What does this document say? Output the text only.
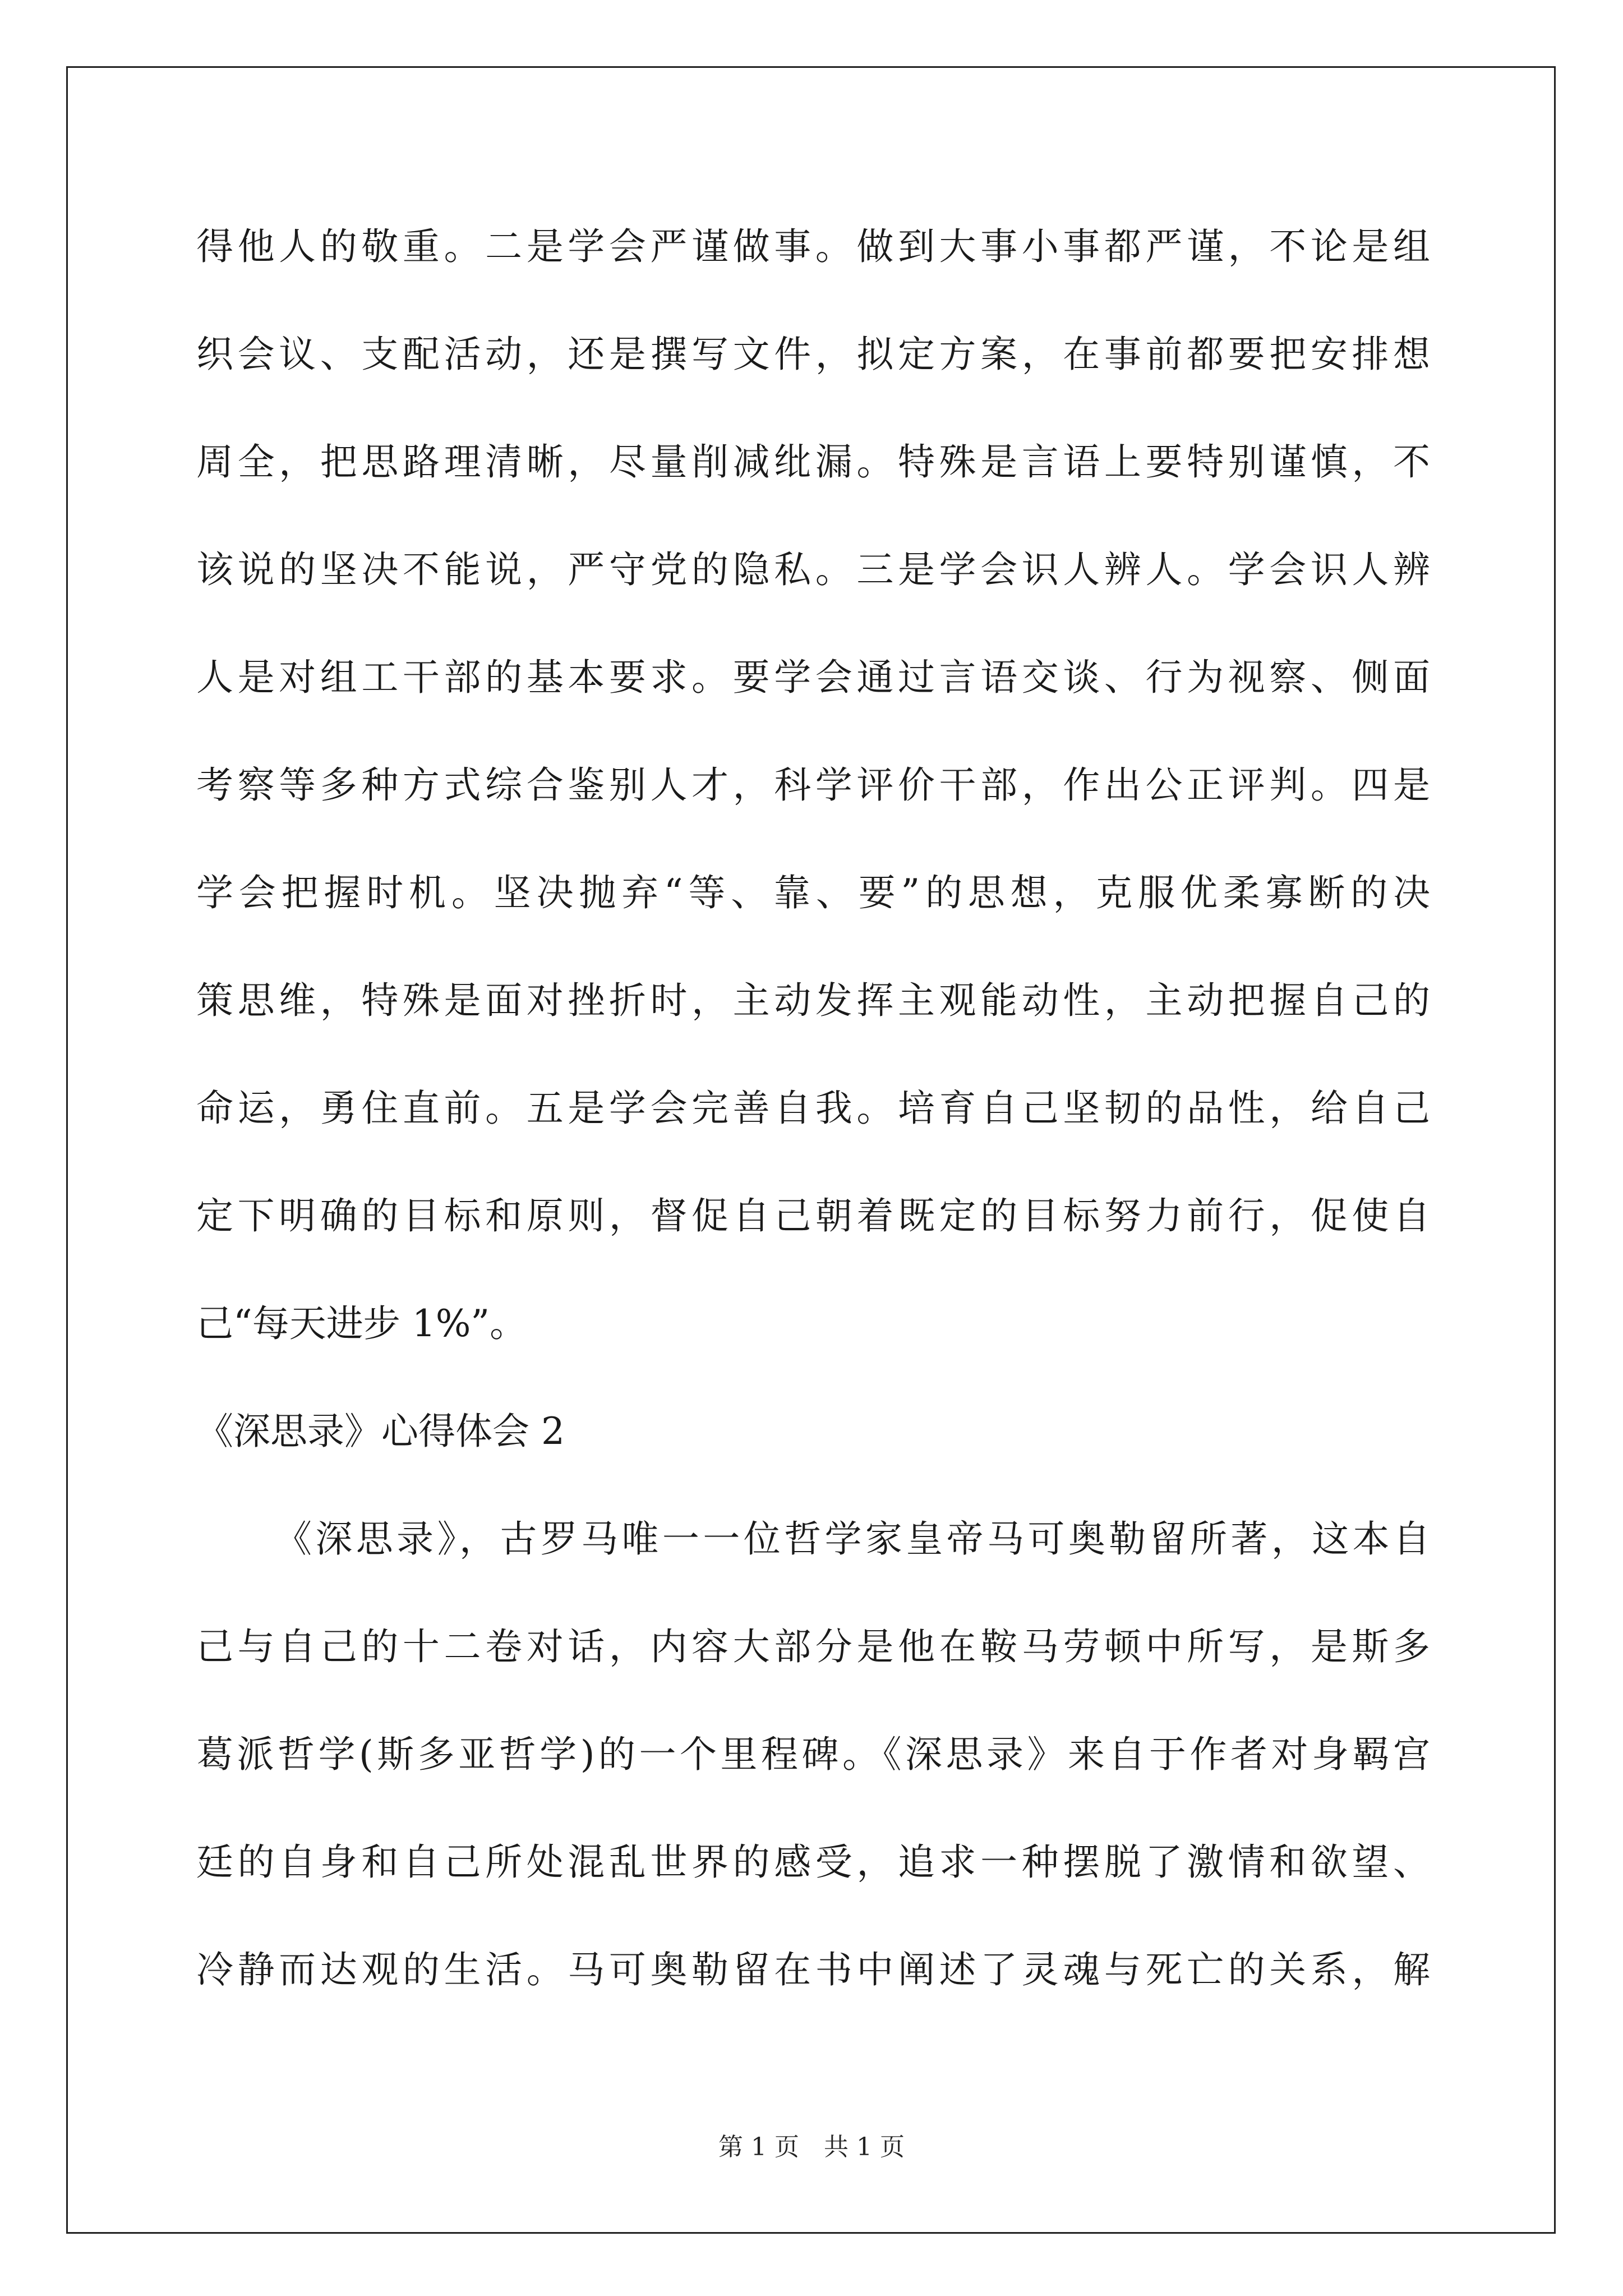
得他人的敬重。二是学会严谨做事。做到大事小事都严谨，不论是组
织会议、支配活动，还是撰写文件，拟定方案，在事前都要把安排想
周全，把思路理清晰，尽量削减纰漏。特殊是言语上要特别谨慎，不
该说的坚决不能说，严守党的隐私。三是学会识人辨人。学会识人辨
人是对组工干部的基本要求。要学会通过言语交谈、行为视察、侧面
考察等多种方式综合鉴别人才，科学评价干部，作出公正评判。四是
学会把握时机。坚决抛弃“等、靠、要”的思想，克服优柔寡断的决
策思维，特殊是面对挫折时，主动发挥主观能动性，主动把握自己的
命运，勇住直前。五是学会完善自我。培育自己坚韧的品性，给自己
定下明确的目标和原则，督促自己朝着既定的目标努力前行，促使自
己“每天进步 1%”。
《深思录》心得体会 2
《深思录》，古罗马唯一一位哲学家皇帝马可奥勒留所著，这本自
己与自己的十二卷对话，内容大部分是他在鞍马劳顿中所写，是斯多
葛派哲学(斯多亚哲学)的一个里程碑。《深思录》来自于作者对身羁宫
廷的自身和自己所处混乱世界的感受，追求一种摆脱了激情和欲望、
冷静而达观的生活。马可奥勒留在书中阐述了灵魂与死亡的关系，解
第 1 页 共 1 页
